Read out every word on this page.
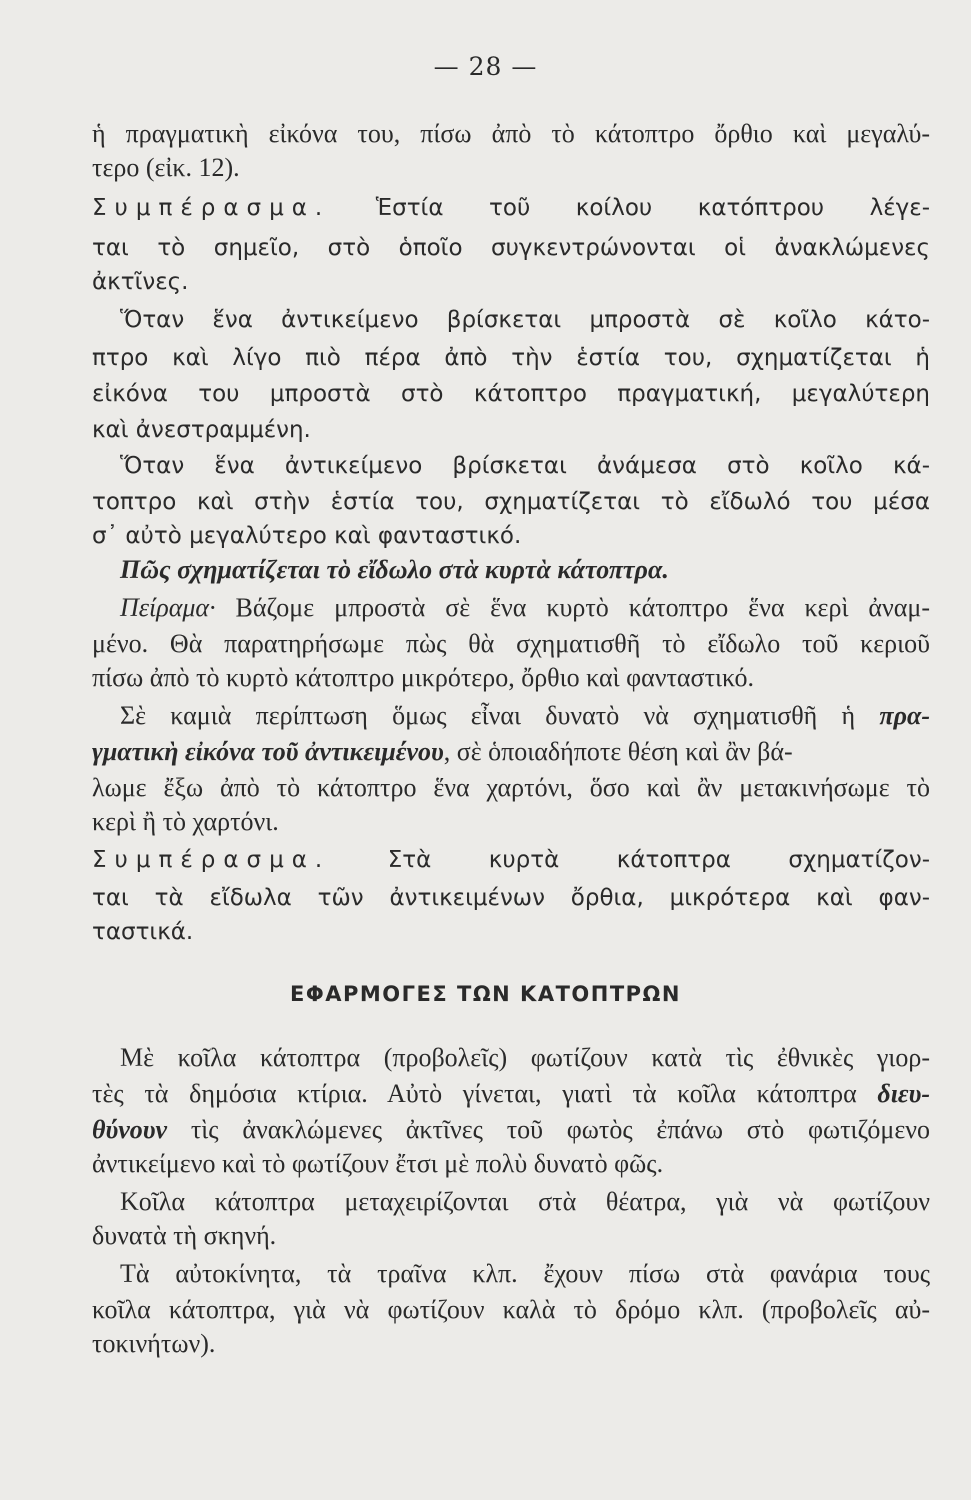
— 28 —
ἡ πραγματικὴ εἰκόνα του, πίσω ἀπὸ τὸ κάτοπτρο ὄρθιο καὶ μεγαλύ-
τερο (εἰκ. 12).
Συμπέρασμα. Ἑστία τοῦ κοίλου κατόπτρου λέγε-
ται τὸ σημεῖο, στὸ ὁποῖο συγκεντρώνονται οἱ ἀνακλώμενες
ἀκτῖνες.
Ὅταν ἕνα ἀντικείμενο βρίσκεται μπροστὰ σὲ κοῖλο κάτο-
πτρο καὶ λίγο πιὸ πέρα ἀπὸ τὴν ἑστία του, σχηματίζεται ἡ
εἰκόνα του μπροστὰ στὸ κάτοπτρο πραγματική, μεγαλύτερη
καὶ ἀνεστραμμένη.
Ὅταν ἕνα ἀντικείμενο βρίσκεται ἀνάμεσα στὸ κοῖλο κά-
τοπτρο καὶ στὴν ἑστία του, σχηματίζεται τὸ εἴδωλό του μέσα
σ᾽ αὐτὸ μεγαλύτερο καὶ φανταστικό.
Πῶς σχηματίζεται τὸ εἴδωλο στὰ κυρτὰ κάτοπτρα.
Πείραμα· Βάζομε μπροστὰ σὲ ἕνα κυρτὸ κάτοπτρο ἕνα κερὶ ἀναμ-
μένο. Θὰ παρατηρήσωμε πὼς θὰ σχηματισθῆ τὸ εἴδωλο τοῦ κεριοῦ
πίσω ἀπὸ τὸ κυρτὸ κάτοπτρο μικρότερο, ὄρθιο καὶ φανταστικό.
Σὲ καμιὰ περίπτωση ὅμως εἶναι δυνατὸ νὰ σχηματισθῆ ἡ πρα-
γματικὴ εἰκόνα τοῦ ἀντικειμένου, σὲ ὁποιαδήποτε θέση καὶ ἂν βά-
λωμε ἔξω ἀπὸ τὸ κάτοπτρο ἕνα χαρτόνι, ὅσο καὶ ἂν μετακινήσωμε τὸ
κερὶ ἢ τὸ χαρτόνι.
Συμπέρασμα.	Στὰ κυρτὰ κάτοπτρα σχηματίζον-
ται τὰ εἴδωλα τῶν ἀντικειμένων ὄρθια, μικρότερα καὶ φαν-
ταστικά.
ΕΦΑΡΜΟΓΕΣ ΤΩΝ ΚΑΤΟΠΤΡΩΝ
Μὲ κοῖλα κάτοπτρα (προβολεῖς) φωτίζουν κατὰ τὶς ἐθνικὲς γιορ-
τὲς τὰ δημόσια κτίρια. Αὐτὸ γίνεται, γιατὶ τὰ κοῖλα κάτοπτρα διευ-
θύνουν τὶς ἀνακλώμενες ἀκτῖνες τοῦ φωτὸς ἐπάνω στὸ φωτιζόμενο
ἀντικείμενο καὶ τὸ φωτίζουν ἔτσι μὲ πολὺ δυνατὸ φῶς.
Κοῖλα κάτοπτρα μεταχειρίζονται στὰ θέατρα, γιὰ νὰ φωτίζουν
δυνατὰ τὴ σκηνή.
Τὰ αὐτοκίνητα, τὰ τραῖνα κλπ. ἔχουν πίσω στὰ φανάρια τους
κοῖλα κάτοπτρα, γιὰ νὰ φωτίζουν καλὰ τὸ δρόμο κλπ. (προβολεῖς αὐ-
τοκινήτων).
